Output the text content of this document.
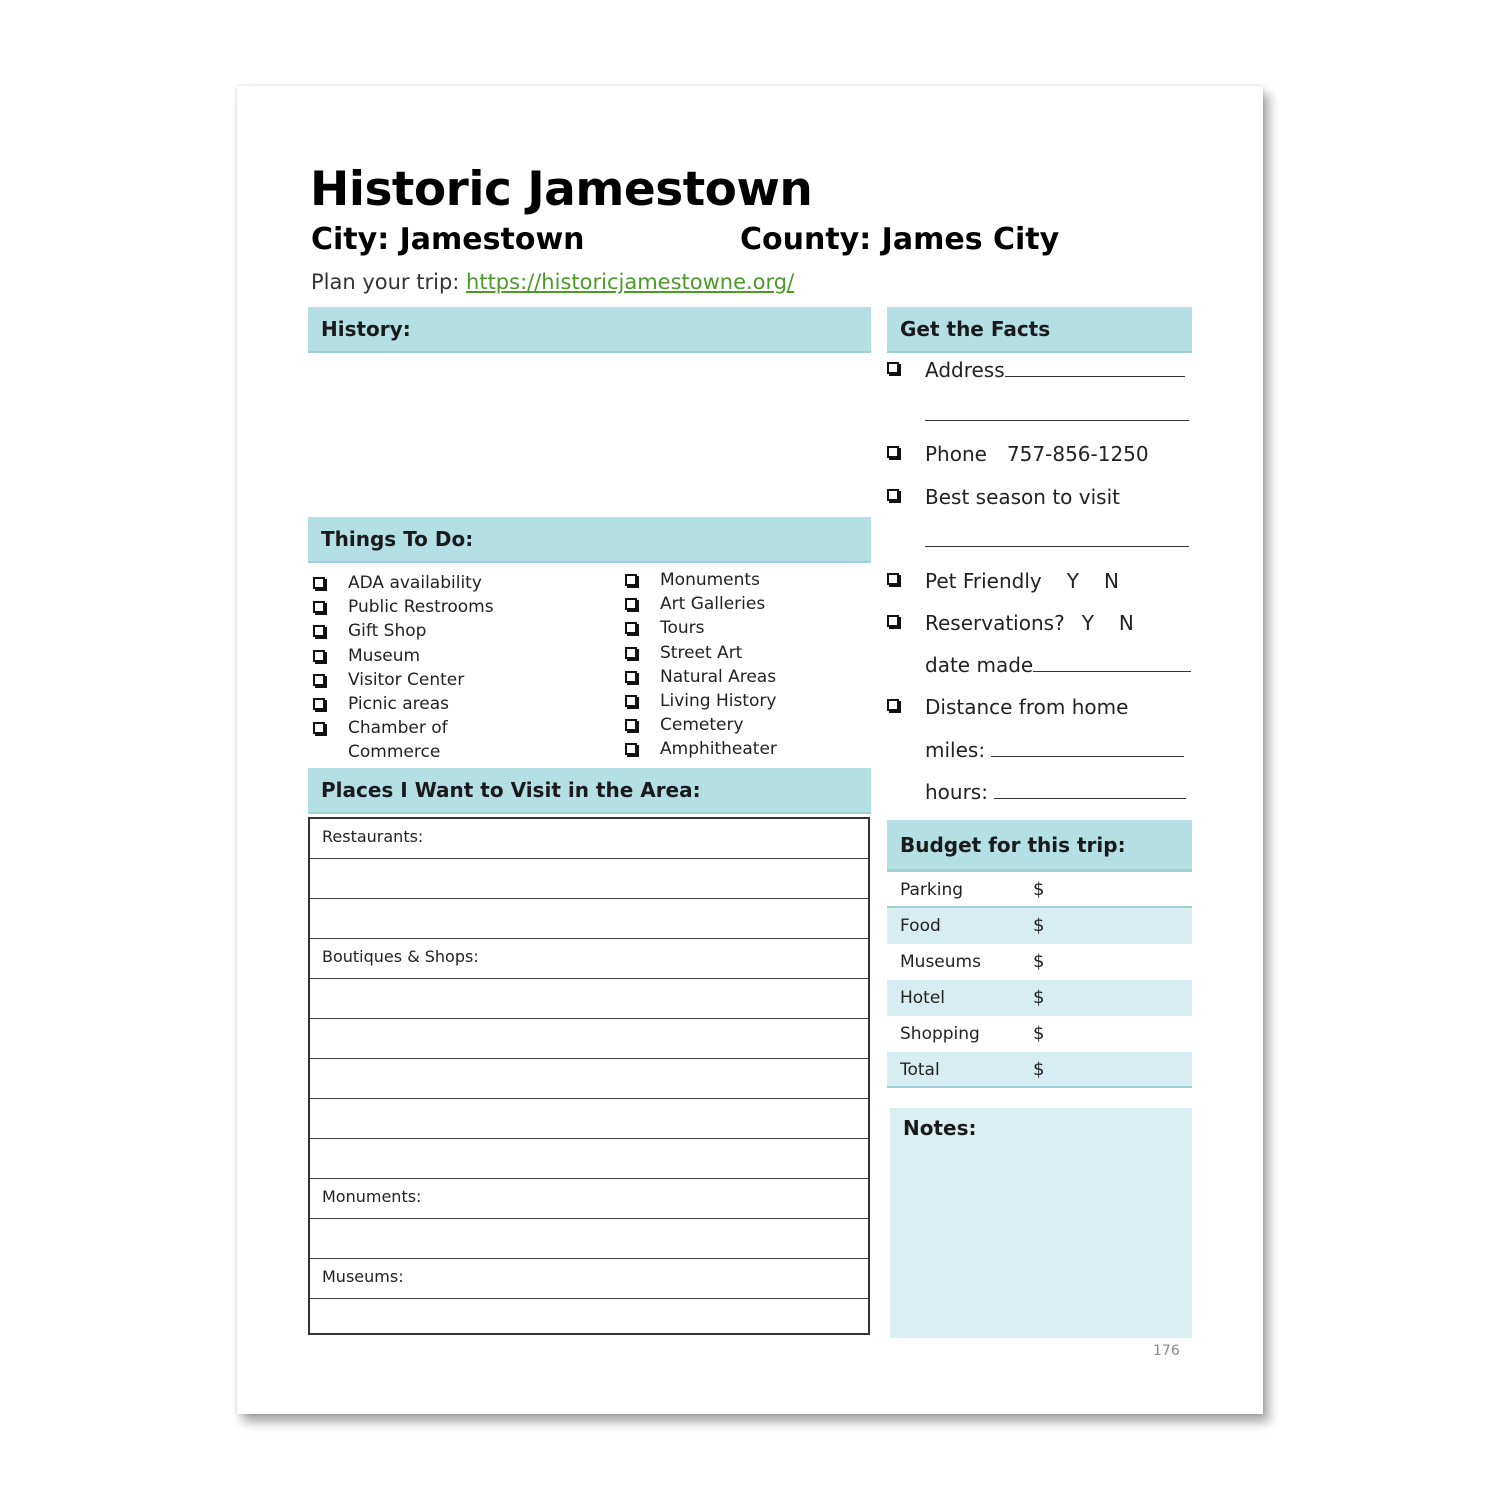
Historic Jamestown
City: Jamestown	County: James City
Plan your trip: https://historicjamestowne.org/
History:
Things To Do:
ADA availability
Public Restrooms
Gift Shop
Museum
Visitor Center
Picnic areas
Chamber of
Commerce
Monuments
Art Galleries
Tours
Street Art
Natural Areas
Living History
Cemetery
Amphitheater
Places I Want to Visit in the Area:
Restaurants:
Boutiques & Shops:
Monuments:
Museums:
Get the Facts
Address
Phone 757-856-1250
Best season to visit
Pet Friendly Y N
Reservations? Y N
date made
Distance from home
miles:
hours:
Budget for this trip:
Parking	$
Food	$
Museums	$
Hotel	$
Shopping	$
Total	$
Notes:
176
